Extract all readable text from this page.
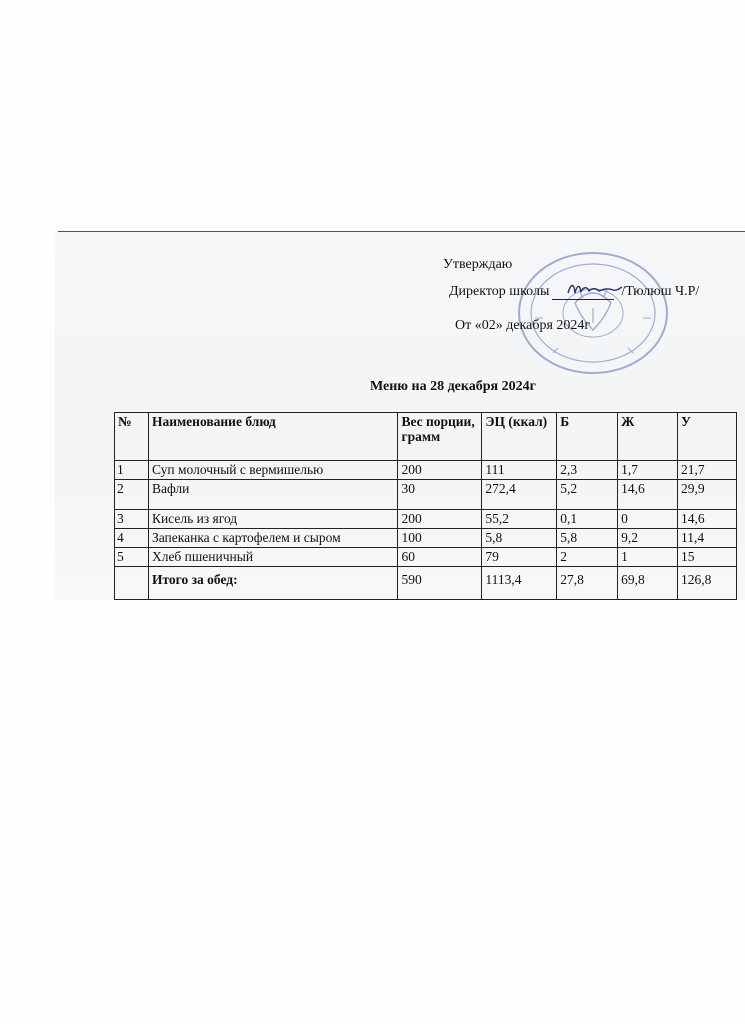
Утверждаю
Директор школы	/Тюлюш Ч.Р/
От «02» декабря 2024г
Меню на 28 декабря 2024г
№	Наименование блюд	Вес порции, грамм	ЭЦ (ккал)	Б	Ж	У
1	Суп молочный с вермишелью	200	111	2,3	1,7	21,7
2	Вафли	30	272,4	5,2	14,6	29,9
3	Кисель из ягод	200	55,2	0,1	0	14,6
4	Запеканка с картофелем и сыром	100	5,8	5,8	9,2	11,4
5	Хлеб пшеничный	60	79	2	1	15
	Итого за обед:	590	1113,4	27,8	69,8	126,8
